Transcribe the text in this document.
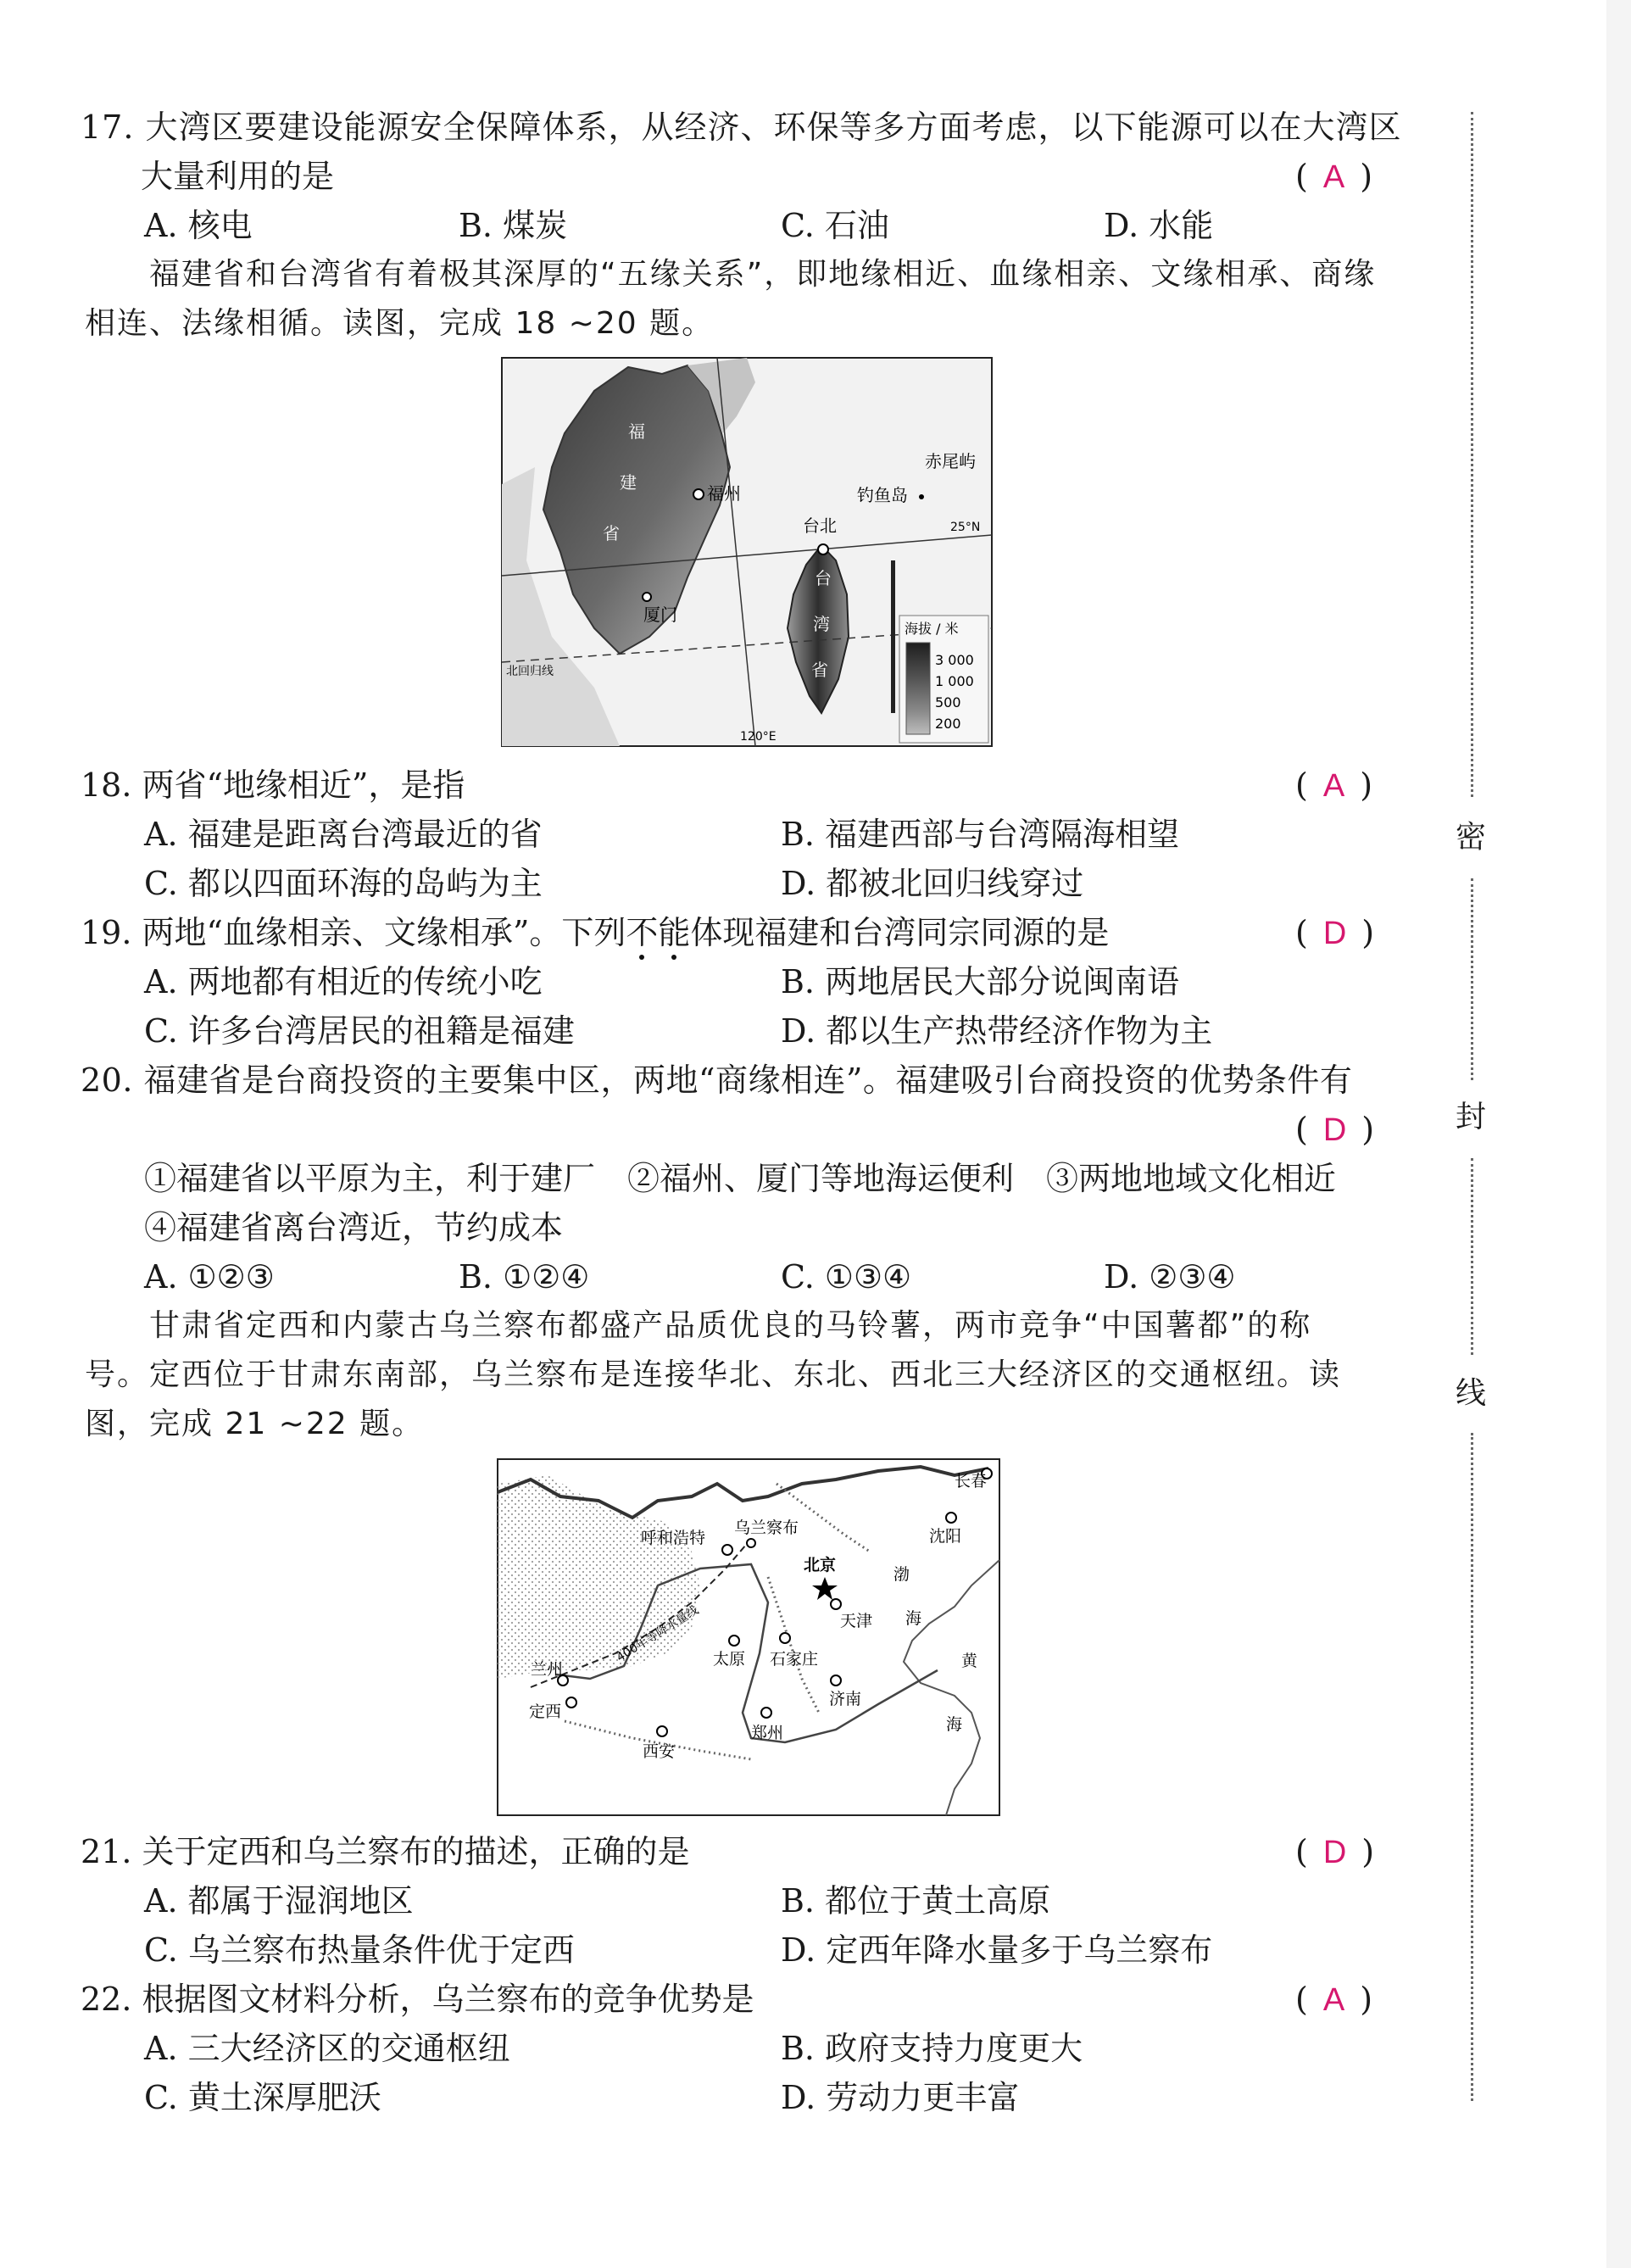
17. 大湾区要建设能源安全保障体系，从经济、环保等多方面考虑，以下能源可以在大湾区
大量利用的是	( A )
A. 核电	B. 煤炭	C. 石油	D. 水能
福建省和台湾省有着极其深厚的“五缘关系”，即地缘相近、血缘相亲、文缘相承、商缘
相连、法缘相循。读图，完成 18 ~20 题。
福
建
省
福州
厦门
台北
台
湾
省
赤尾屿
钓鱼岛
25°N
120°E
北回归线
海拔 / 米
3 000
1 000
500
200
18. 两省“地缘相近”，是指	( A )
A. 福建是距离台湾最近的省	B. 福建西部与台湾隔海相望
C. 都以四面环海的岛屿为主	D. 都被北回归线穿过
19. 两地“血缘相亲、文缘相承”。下列不能体现福建和台湾同宗同源的是	( D )
A. 两地都有相近的传统小吃	B. 两地居民大部分说闽南语
C. 许多台湾居民的祖籍是福建	D. 都以生产热带经济作物为主
20. 福建省是台商投资的主要集中区，两地“商缘相连”。福建吸引台商投资的优势条件有
( D )
①福建省以平原为主，利于建厂　②福州、厦门等地海运便利　③两地地域文化相近
④福建省离台湾近，节约成本
A. ①②③	B. ①②④	C. ①③④	D. ②③④
甘肃省定西和内蒙古乌兰察布都盛产品质优良的马铃薯，两市竞争“中国薯都”的称
号。定西位于甘肃东南部，乌兰察布是连接华北、东北、西北三大经济区的交通枢纽。读
图，完成 21 ~22 题。
400年等降水量线
长春
沈阳
呼和浩特
乌兰察布
北京
天津
太原 石家庄
兰州
定西
济南
郑州
西安
渤
海
黄
海
21. 关于定西和乌兰察布的描述，正确的是	( D )
A. 都属于湿润地区	B. 都位于黄土高原
C. 乌兰察布热量条件优于定西	D. 定西年降水量多于乌兰察布
22. 根据图文材料分析，乌兰察布的竞争优势是	( A )
A. 三大经济区的交通枢纽	B. 政府支持力度更大
C. 黄土深厚肥沃	D. 劳动力更丰富
密
封
线
